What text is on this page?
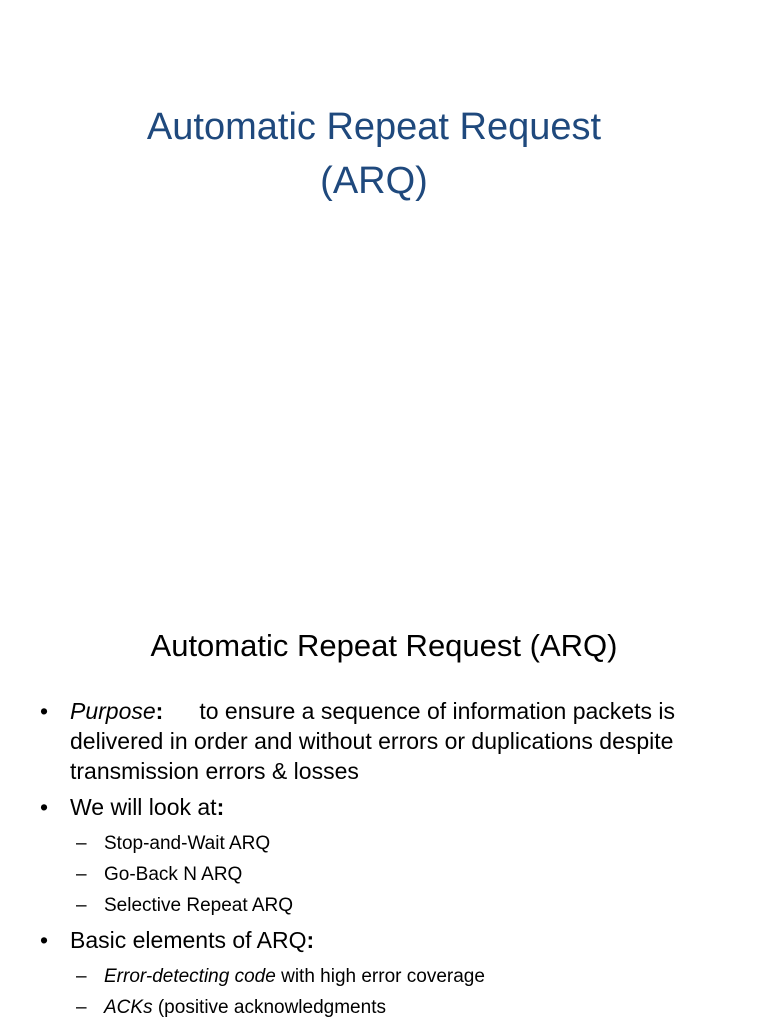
Automatic Repeat Request
(ARQ)
Automatic Repeat Request (ARQ)
• Purpose: to ensure a sequence of information packets is delivered in order and without errors or duplications despite transmission errors & losses
• We will look at:
– Stop-and-Wait ARQ
– Go-Back N ARQ
– Selective Repeat ARQ
• Basic elements of ARQ:
– Error-detecting code with high error coverage
– ACKs (positive acknowledgments
